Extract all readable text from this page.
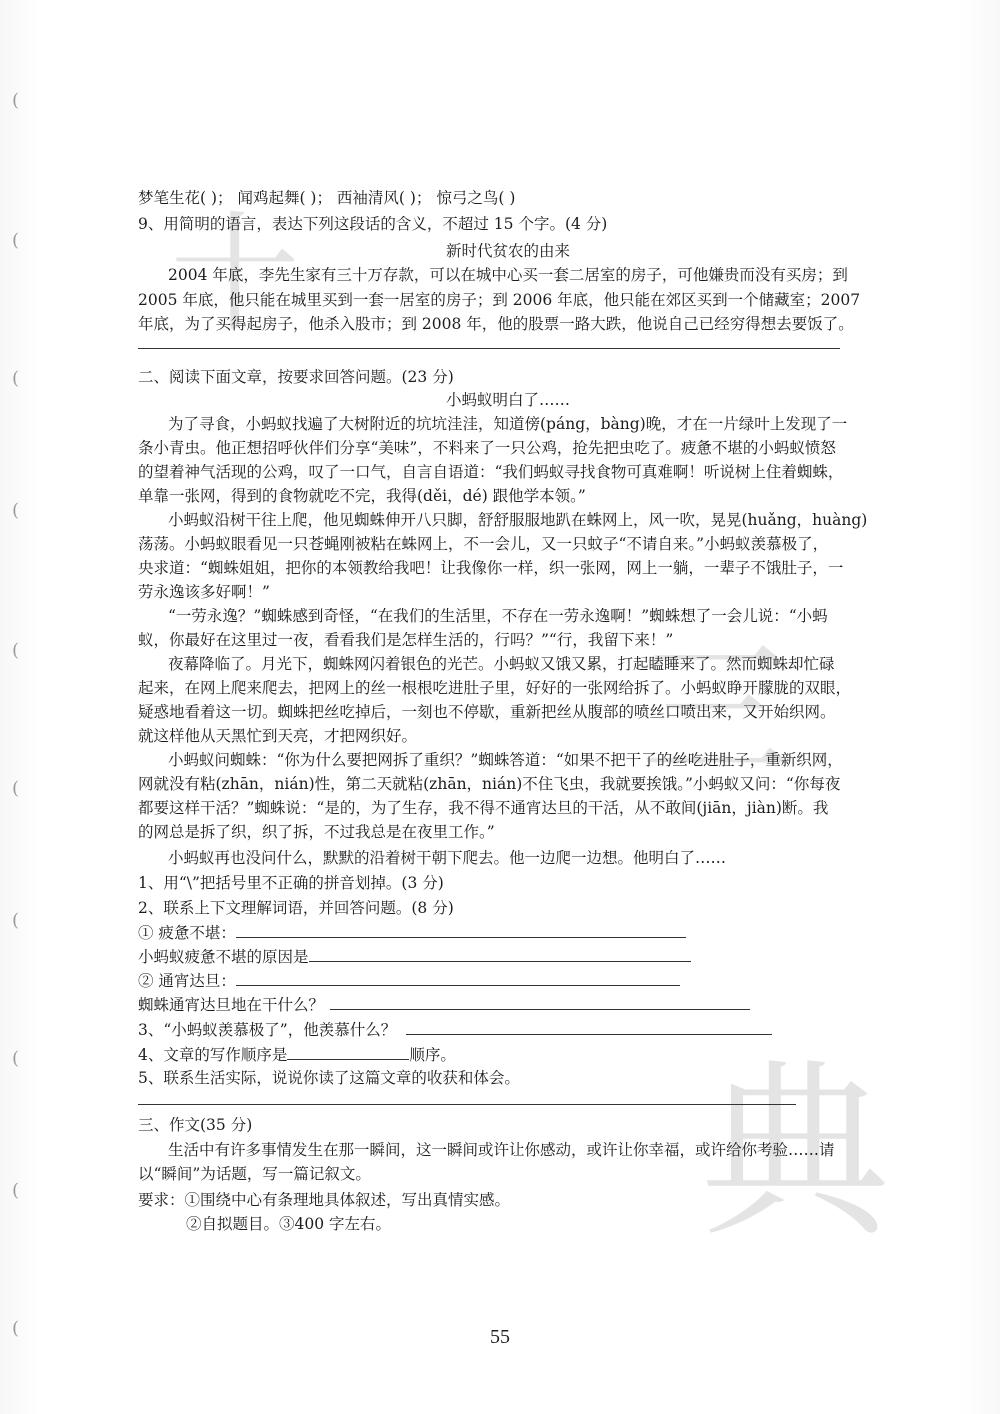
(
(
(
(
(
(
(
(
(
(
十
三
典
梦笔生花( )； 闻鸡起舞( )； 西袖清风( )； 惊弓之鸟( )
9、用简明的语言，表达下列这段话的含义，不超过 15 个字。(4 分)
新时代贫农的由来
2004 年底，李先生家有三十万存款，可以在城中心买一套二居室的房子，可他嫌贵而没有买房；到
2005 年底，他只能在城里买到一套一居室的房子；到 2006 年底，他只能在郊区买到一个储藏室；2007
年底，为了买得起房子，他杀入股市；到 2008 年，他的股票一路大跌，他说自己已经穷得想去要饭了。
二、阅读下面文章，按要求回答问题。(23 分)
小蚂蚁明白了……
为了寻食，小蚂蚁找遍了大树附近的坑坑洼洼，知道傍(páng，bàng)晚，才在一片绿叶上发现了一
条小青虫。他正想招呼伙伴们分享“美味”，不料来了一只公鸡，抢先把虫吃了。疲惫不堪的小蚂蚁愤怒
的望着神气活现的公鸡，叹了一口气，自言自语道：“我们蚂蚁寻找食物可真难啊！听说树上住着蜘蛛，
单靠一张网，得到的食物就吃不完，我得(děi，dé) 跟他学本领。”
小蚂蚁沿树干往上爬，他见蜘蛛伸开八只脚，舒舒服服地趴在蛛网上，风一吹，晃晃(huǎng，huàng)
荡荡。小蚂蚁眼看见一只苍蝇刚被粘在蛛网上，不一会儿，又一只蚊子“不请自来。”小蚂蚁羡慕极了，
央求道：“蜘蛛姐姐，把你的本领教给我吧！让我像你一样，织一张网，网上一躺，一辈子不饿肚子，一
劳永逸该多好啊！”
“一劳永逸？”蜘蛛感到奇怪，“在我们的生活里，不存在一劳永逸啊！”蜘蛛想了一会儿说：“小蚂
蚁，你最好在这里过一夜，看看我们是怎样生活的，行吗？”“行，我留下来！”
夜幕降临了。月光下，蜘蛛网闪着银色的光芒。小蚂蚁又饿又累，打起瞌睡来了。然而蜘蛛却忙碌
起来，在网上爬来爬去，把网上的丝一根根吃进肚子里，好好的一张网给拆了。小蚂蚁睁开朦胧的双眼，
疑惑地看着这一切。蜘蛛把丝吃掉后，一刻也不停歇，重新把丝从腹部的喷丝口喷出来，又开始织网。
就这样他从天黑忙到天亮，才把网织好。
小蚂蚁问蜘蛛：“你为什么要把网拆了重织？”蜘蛛答道：“如果不把干了的丝吃进肚子，重新织网，
网就没有粘(zhān，nián)性，第二天就粘(zhān，nián)不住飞虫，我就要挨饿。”小蚂蚁又问：“你每夜
都要这样干活？”蜘蛛说：“是的，为了生存，我不得不通宵达旦的干活，从不敢间(jiān，jiàn)断。我
的网总是拆了织，织了拆，不过我总是在夜里工作。”
小蚂蚁再也没问什么，默默的沿着树干朝下爬去。他一边爬一边想。他明白了……
1、用“\”把括号里不正确的拼音划掉。(3 分)
2、联系上下文理解词语，并回答问题。(8 分)
① 疲惫不堪：
小蚂蚁疲惫不堪的原因是
② 通宵达旦：
蜘蛛通宵达旦地在干什么？
3、“小蚂蚁羡慕极了”，他羡慕什么？
4、文章的写作顺序是	顺序。
5、联系生活实际，说说你读了这篇文章的收获和体会。
三、作文(35 分)
生活中有许多事情发生在那一瞬间，这一瞬间或许让你感动，或许让你幸福，或许给你考验……请
以“瞬间”为话题，写一篇记叙文。
要求：①围绕中心有条理地具体叙述，写出真情实感。
②自拟题目。③400 字左右。
55
